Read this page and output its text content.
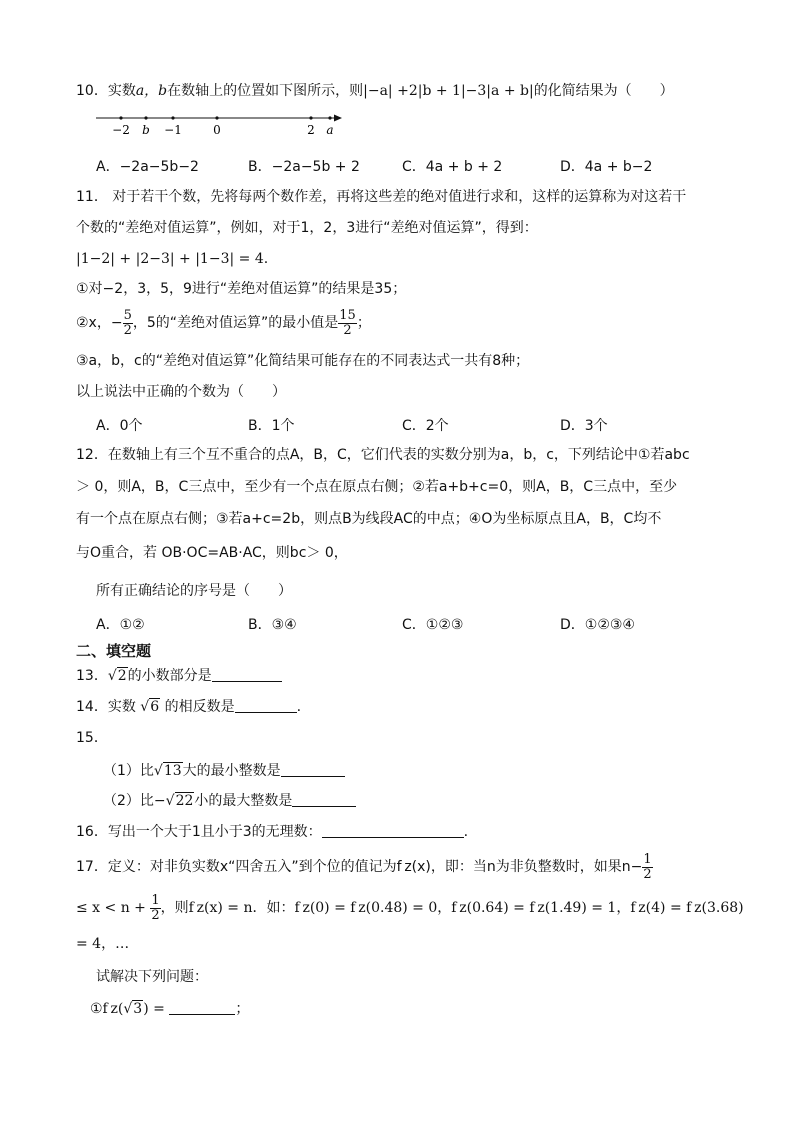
10．实数a，b在数轴上的位置如下图所示，则|−a| +2|b + 1|−3|a + b|的化简结果为（　　）
−2 b −1	0	2 a
A．−2a−5b−2	B．−2a−5b + 2	C．4a + b + 2	D．4a + b−2
11． 对于若干个数，先将每两个数作差，再将这些差的绝对值进行求和，这样的运算称为对这若干
个数的“差绝对值运算”，例如，对于1，2，3进行“差绝对值运算”，得到：
|1−2| + |2−3| + |1−3| = 4.
①对−2，3，5，9进行“差绝对值运算”的结果是35；
②x，− $\frac{5}{2}$ ，5的“差绝对值运算”的最小值是 $\frac{15}{2}$ ；
③a，b，c的“差绝对值运算”化简结果可能存在的不同表达式一共有8种；
以上说法中正确的个数为（　　）
A．0个	B．1个	C．2个	D．3个
12．在数轴上有三个互不重合的点A，B，C，它们代表的实数分别为a，b，c，下列结论中①若abc
＞ 0，则A，B，C三点中，至少有一个点在原点右侧；②若a+b+c=0，则A，B，C三点中，至少
有一个点在原点右侧；③若a+c=2b，则点B为线段AC的中点；④O为坐标原点且A，B，C均不
与O重合，若 OB·OC=AB·AC，则bc＞ 0，
所有正确结论的序号是（　　）
A．①②	B．③④	C．①②③	D．①②③④
二、填空题
13．√2的小数部分是
14．实数 √6 的相反数是	.
15．
（1）比√13大的最小整数是
（2）比−√22小的最大整数是
16．写出一个大于1且小于3的无理数：	.
17．定义：对非负实数x“四舍五入”到个位的值记为f z(x)，即：当n为非负整数时，如果$n- \frac{1}{2}$
≤ $x < n + \frac{1}{2}$ ，则f z(x) = n．如：f z(0) = f z(0.48) = 0，f z(0.64) = f z(1.49) = 1，f z(4) = f z(3.68)
= 4，…
试解决下列问题：
①f z(√3) =	；
